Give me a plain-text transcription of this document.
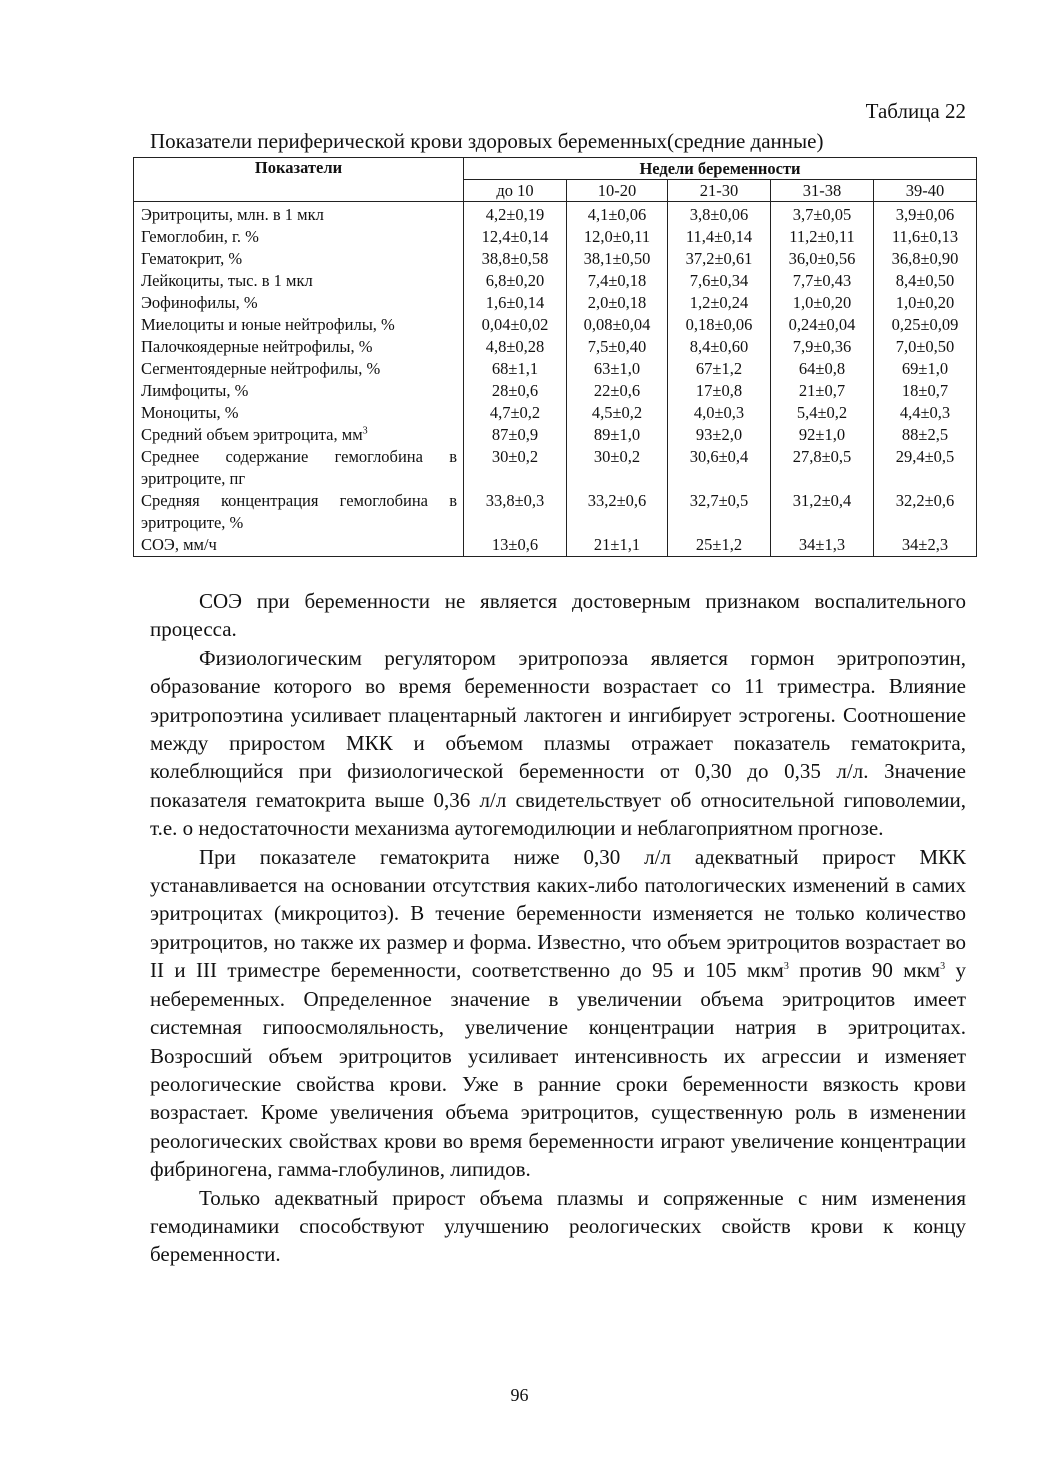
Таблица 22
Показатели периферической крови здоровых беременных(средние данные)
Показатели	Недели беременности				
	до 10	10-20	21-30	31-38	39-40
Эритроциты, млн. в 1 мкл	4,2±0,19	4,1±0,06	3,8±0,06	3,7±0,05	3,9±0,06
Гемоглобин, г. %	12,4±0,14	12,0±0,11	11,4±0,14	11,2±0,11	11,6±0,13
Гематокрит, %	38,8±0,58	38,1±0,50	37,2±0,61	36,0±0,56	36,8±0,90
Лейкоциты, тыс. в 1 мкл	6,8±0,20	7,4±0,18	7,6±0,34	7,7±0,43	8,4±0,50
Эофинофилы, %	1,6±0,14	2,0±0,18	1,2±0,24	1,0±0,20	1,0±0,20
Миелоциты и юные нейтрофилы, %	0,04±0,02	0,08±0,04	0,18±0,06	0,24±0,04	0,25±0,09
Палочкоядерные нейтрофилы, %	4,8±0,28	7,5±0,40	8,4±0,60	7,9±0,36	7,0±0,50
Сегментоядерные нейтрофилы, %	68±1,1	63±1,0	67±1,2	64±0,8	69±1,0
Лимфоциты, %	28±0,6	22±0,6	17±0,8	21±0,7	18±0,7
Моноциты, %	4,7±0,2	4,5±0,2	4,0±0,3	5,4±0,2	4,4±0,3
Средний объем эритроцита, $мм^3$	87±0,9	89±1,0	93±2,0	92±1,0	88±2,5
Среднее содержание гемоглобина в эритроците, пг	30±0,2	30±0,2	30,6±0,4	27,8±0,5	29,4±0,5
Средняя концентрация гемоглобина в эритроците, %	33,8±0,3	33,2±0,6	32,7±0,5	31,2±0,4	32,2±0,6
СОЭ, мм/ч	13±0,6	21±1,1	25±1,2	34±1,3	34±2,3

СОЭ при беременности не является достоверным признаком воспалительного процесса.

Физиологическим регулятором эритропоэза является гормон эритропоэтин, образование которого во время беременности возрастает со 11 триместра. Влияние эритропоэтина усиливает плацентарный лактоген и ингибирует эстрогены. Соотношение между приростом МКК и объемом плазмы отражает показатель гематокрита, колеблющийся при физиологической беременности от 0,30 до 0,35 л/л. Значение показателя гематокрита выше 0,36 л/л свидетельствует об относительной гиповолемии, т.е. о недостаточности механизма аутогемодилюции и неблагоприятном прогнозе.

При показателе гематокрита ниже 0,30 л/л адекватный прирост МКК устанавливается на основании отсутствия каких-либо патологических изменений в самих эритроцитах (микроцитоз). В течение беременности изменяется не только количество эритроцитов, но также их размер и форма. Известно, что объем эритроцитов возрастает во II и III триместре беременности, соответственно до 95 и 105 мкм$^3$ против 90 мкм$^3$ у небеременных. Определенное значение в увеличении объема эритроцитов имеет системная гипоосмоляльность, увеличение концентрации натрия в эритроцитах. Возросший объем эритроцитов усиливает интенсивность их агрессии и изменяет реологические свойства крови. Уже в ранние сроки беременности вязкость крови возрастает. Кроме увеличения объема эритроцитов, существенную роль в изменении реологических свойствах крови во время беременности играют увеличение концентрации фибриногена, гамма-глобулинов, липидов.

Только адекватный прирост объема плазмы и сопряженные с ним изменения гемодинамики способствуют улучшению реологических свойств крови к концу беременности.

96
